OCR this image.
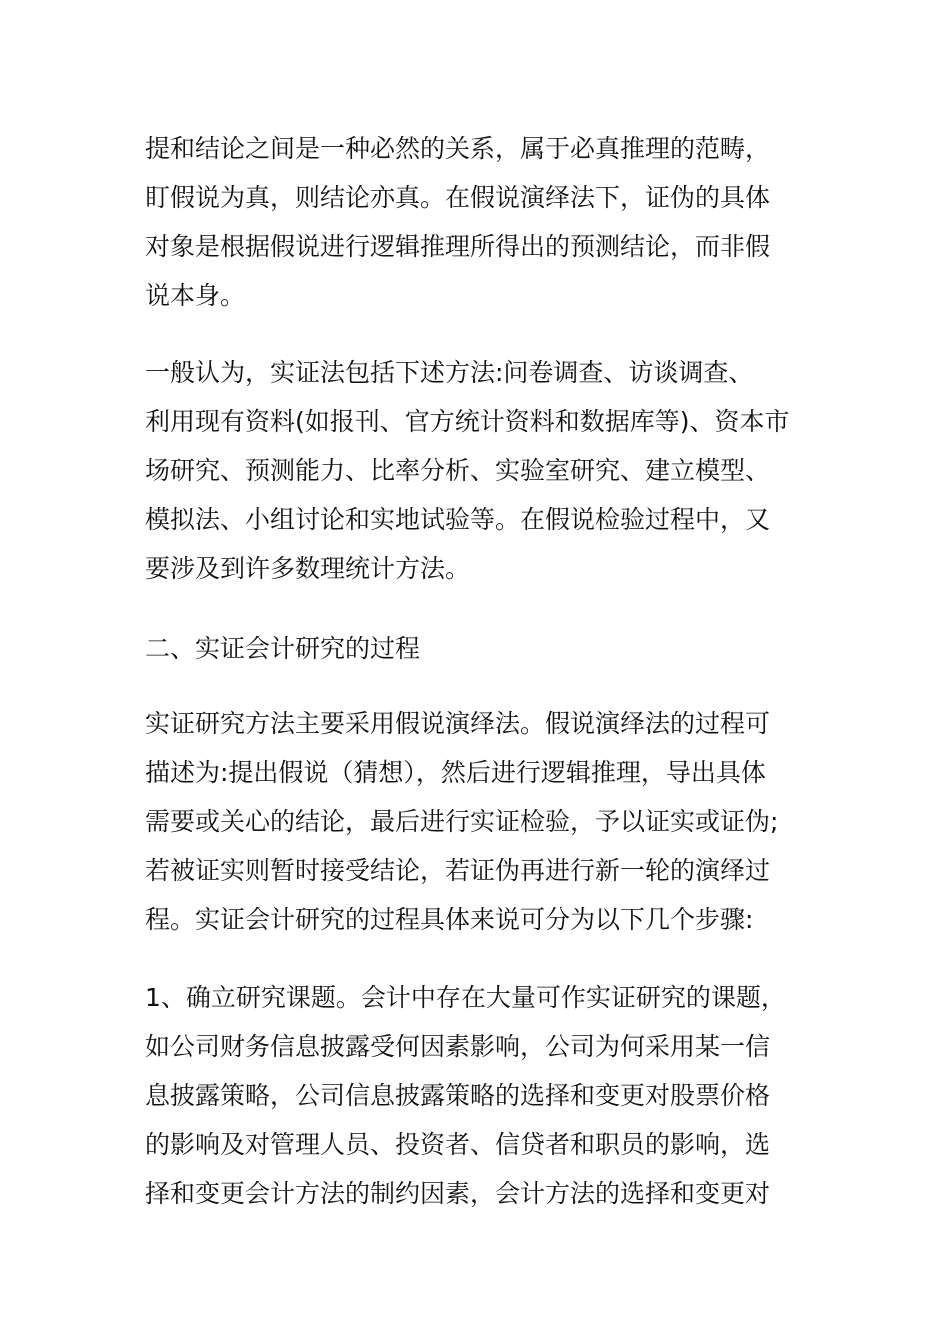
提和结论之间是一种必然的关系，属于必真推理的范畴，
盯假说为真，则结论亦真。在假说演绎法下，证伪的具体
对象是根据假说进行逻辑推理所得出的预测结论，而非假
说本身。
一般认为，实证法包括下述方法:问卷调查、访谈调查、
利用现有资料(如报刊、官方统计资料和数据库等)、资本市
场研究、预测能力、比率分析、实验室研究、建立模型、
模拟法、小组讨论和实地试验等。在假说检验过程中，又
要涉及到许多数理统计方法。
二、实证会计研究的过程
实证研究方法主要采用假说演绎法。假说演绎法的过程可
描述为:提出假说（猜想），然后进行逻辑推理，导出具体
需要或关心的结论，最后进行实证检验，予以证实或证伪;
若被证实则暂时接受结论，若证伪再进行新一轮的演绎过
程。实证会计研究的过程具体来说可分为以下几个步骤:
1、确立研究课题。会计中存在大量可作实证研究的课题，
如公司财务信息披露受何因素影响，公司为何采用某一信
息披露策略，公司信息披露策略的选择和变更对股票价格
的影响及对管理人员、投资者、信贷者和职员的影响，选
择和变更会计方法的制约因素，会计方法的选择和变更对
